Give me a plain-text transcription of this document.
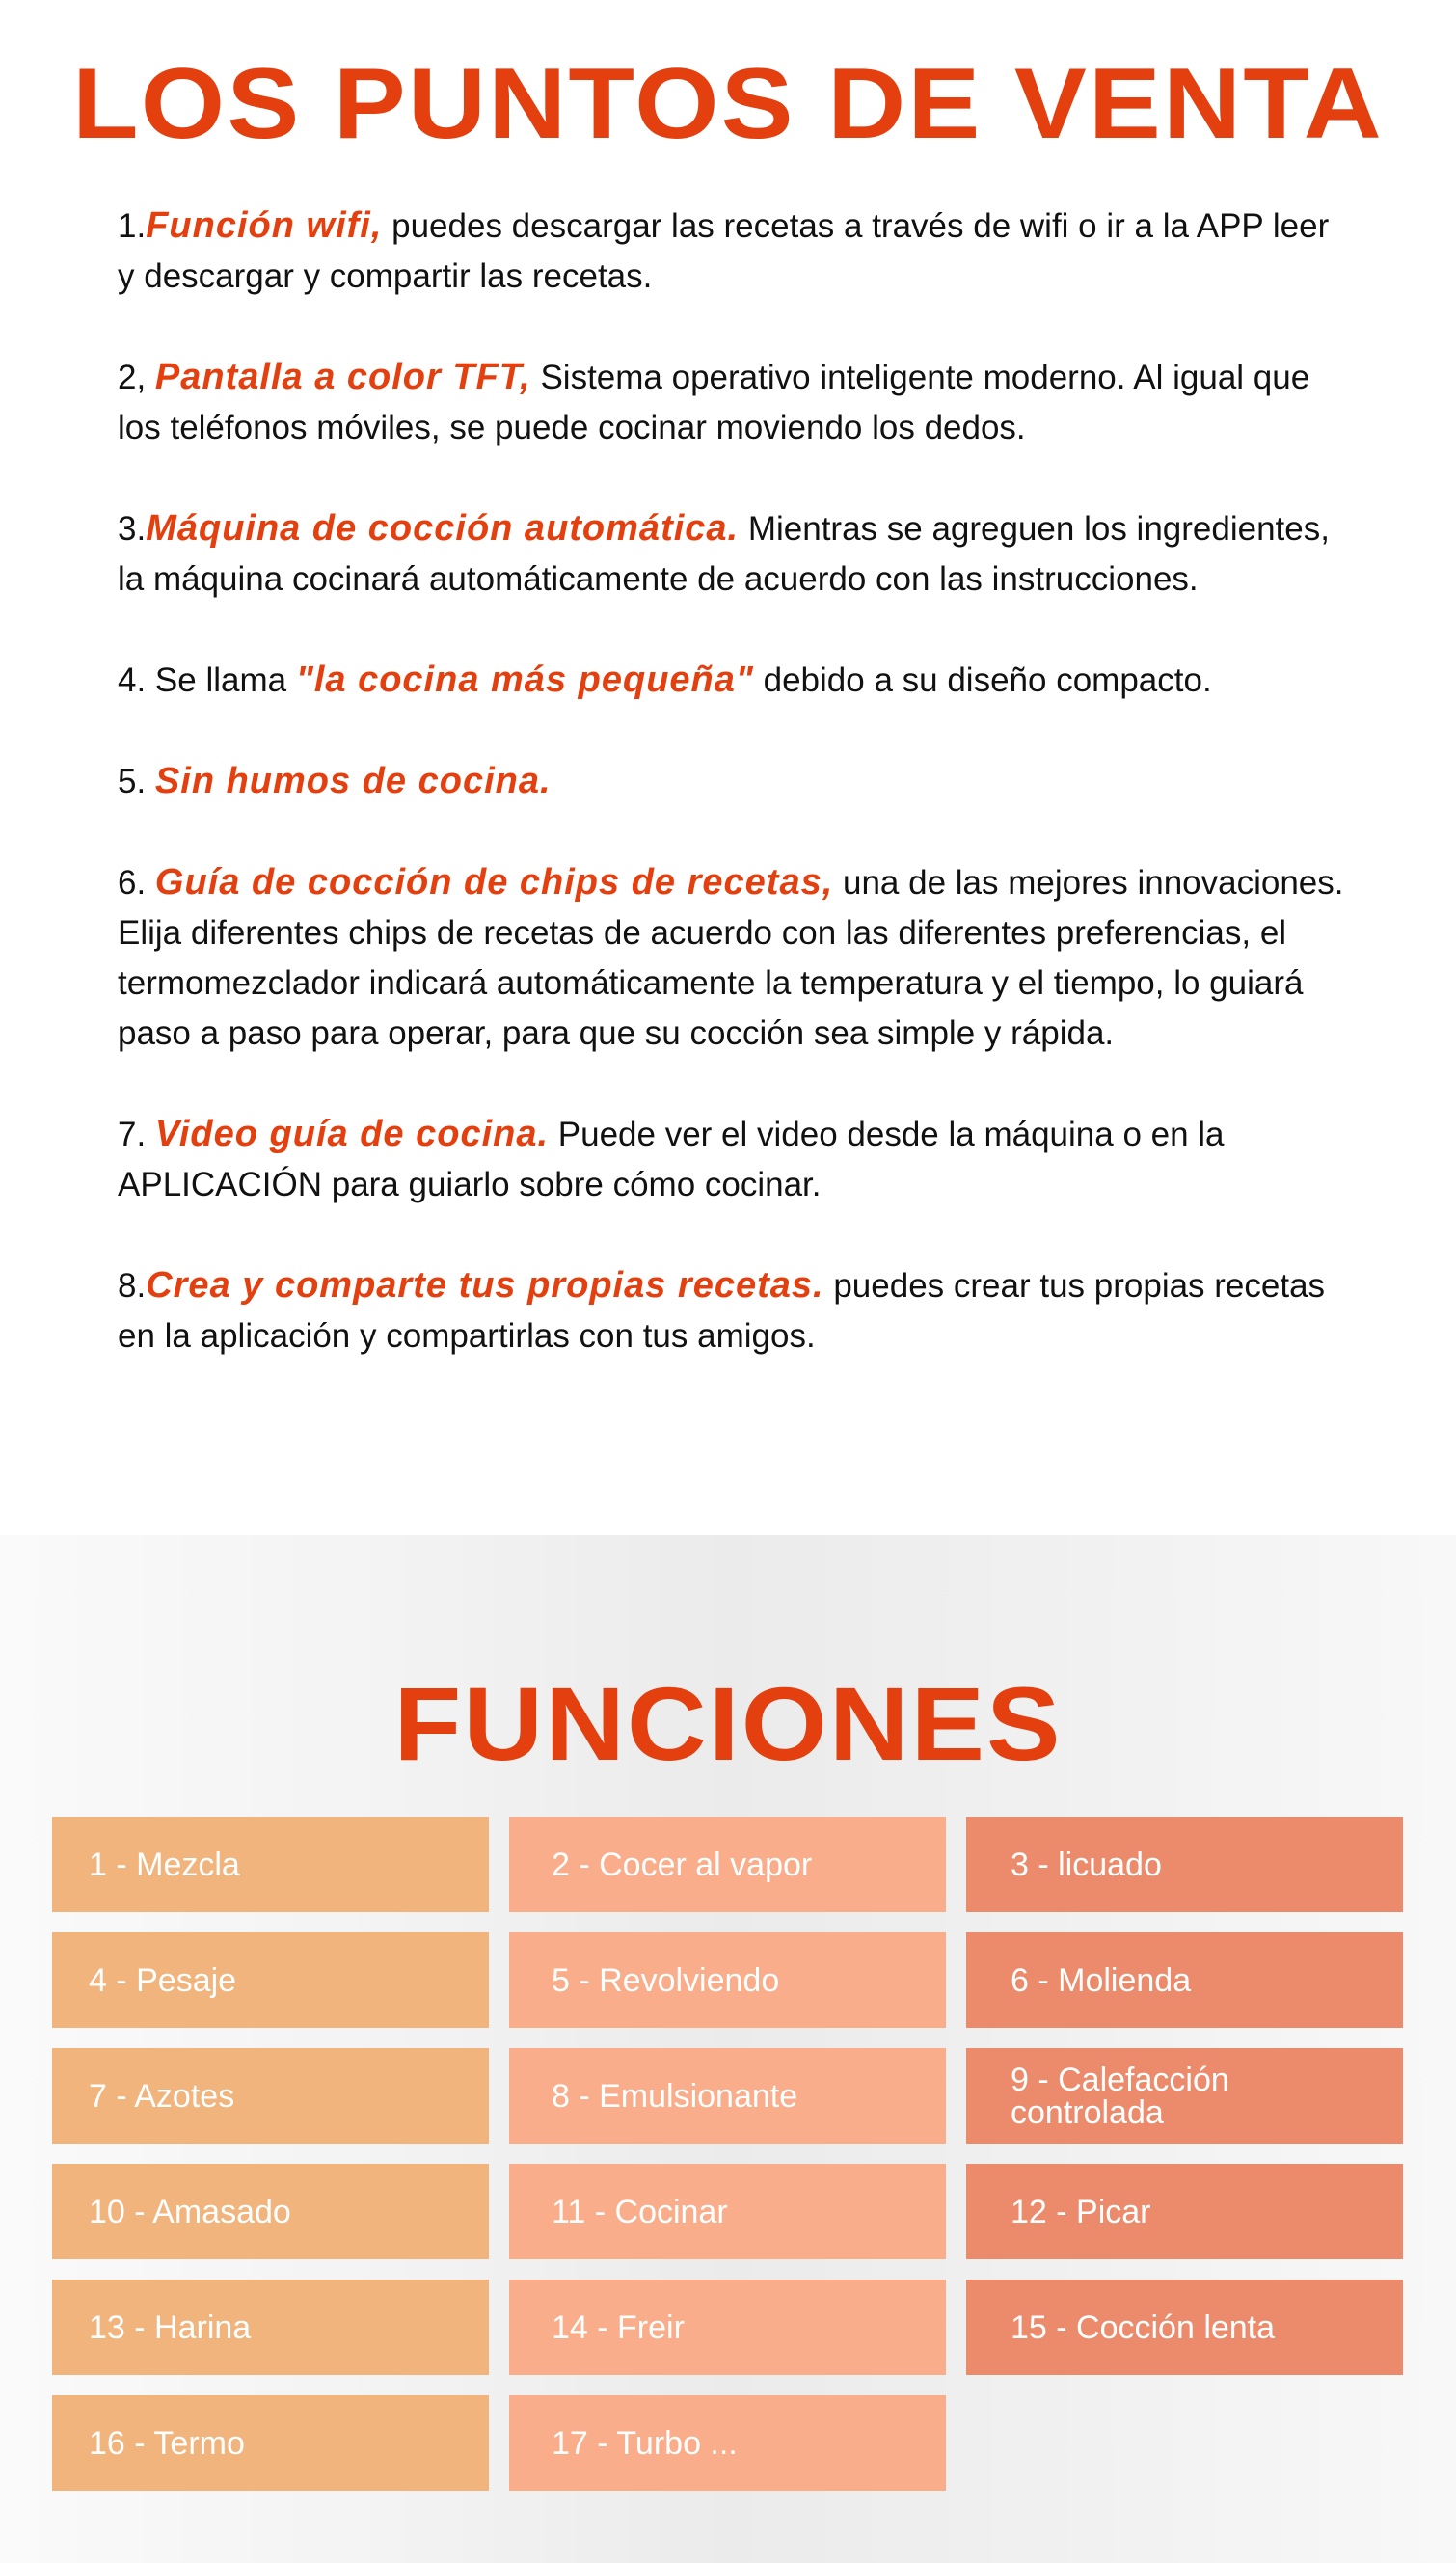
LOS PUNTOS DE VENTA

1.Función wifi, puedes descargar las recetas a través de wifi o ir a la APP leer y descargar y compartir las recetas.

2, Pantalla a color TFT, Sistema operativo inteligente moderno. Al igual que los teléfonos móviles, se puede cocinar moviendo los dedos.

3.Máquina de cocción automática. Mientras se agreguen los ingredientes, la máquina cocinará automáticamente de acuerdo con las instrucciones.

4. Se llama "la cocina más pequeña" debido a su diseño compacto.

5. Sin humos de cocina.

6. Guía de cocción de chips de recetas, una de las mejores innovaciones. Elija diferentes chips de recetas de acuerdo con las diferentes preferencias, el termomezclador indicará automáticamente la temperatura y el tiempo, lo guiará paso a paso para operar, para que su cocción sea simple y rápida.

7. Video guía de cocina. Puede ver el video desde la máquina o en la APLICACIÓN para guiarlo sobre cómo cocinar.

8.Crea y comparte tus propias recetas. puedes crear tus propias recetas en la aplicación y compartirlas con tus amigos.

FUNCIONES
1 - Mezcla	2 - Cocer al vapor	3 - licuado
4 - Pesaje	5 - Revolviendo	6 - Molienda
7 - Azotes	8 - Emulsionante	9 - Calefacción controlada
10 - Amasado	11 - Cocinar	12 - Picar
13 - Harina	14 - Freir	15 - Cocción lenta
16 - Termo	17 - Turbo ...
